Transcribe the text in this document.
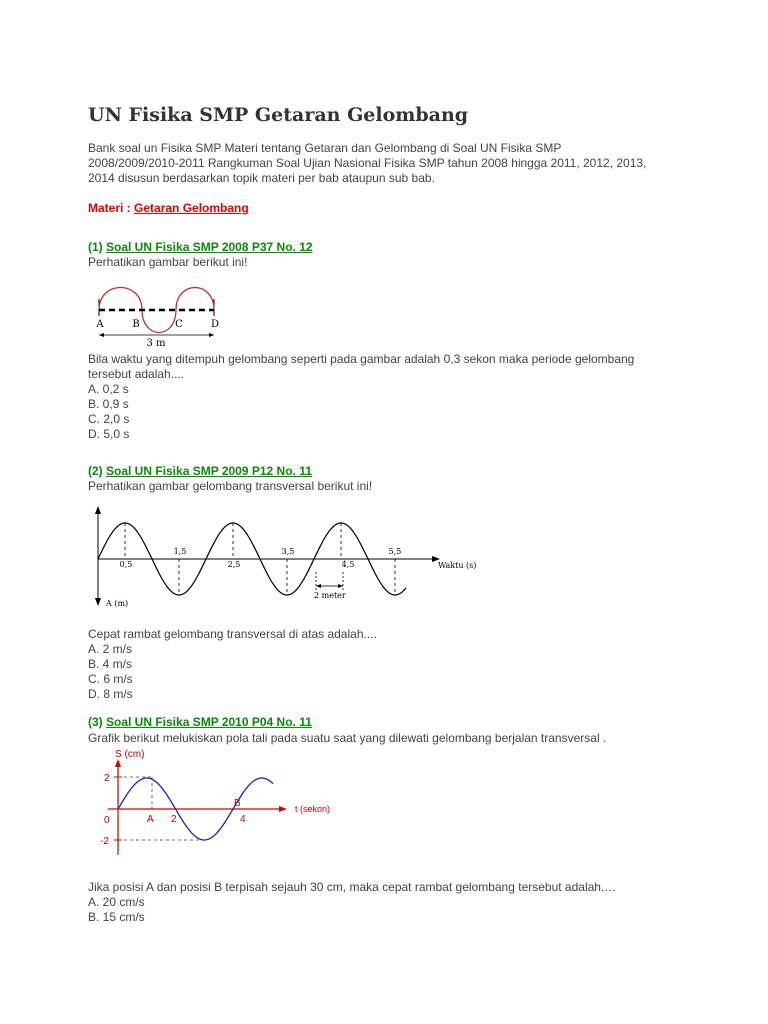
UN Fisika SMP Getaran Gelombang
Bank soal un Fisika SMP Materi tentang Getaran dan Gelombang di Soal UN Fisika SMP
2008/2009/2010-2011 Rangkuman Soal Ujian Nasional Fisika SMP tahun 2008 hingga 2011, 2012, 2013,
2014 disusun berdasarkan topik materi per bab ataupun sub bab.
Materi : Getaran Gelombang
(1) Soal UN Fisika SMP 2008 P37 No. 12
Perhatikan gambar berikut ini!
A	B	C	D
3 m
Bila waktu yang ditempuh gelombang seperti pada gambar adalah 0,3 sekon maka periode gelombang
tersebut adalah....
A. 0,2 s
B. 0,9 s
C. 2,0 s
D. 5,0 s
(2) Soal UN Fisika SMP 2009 P12 No. 11
Perhatikan gambar gelombang transversal berikut ini!
0,5	2,5	4,5
1,5	3,5	5,5
Waktu (s)
A (m)
2 meter
Cepat rambat gelombang transversal di atas adalah....
A. 2 m/s
B. 4 m/s
C. 6 m/s
D. 8 m/s
(3) Soal UN Fisika SMP 2010 P04 No. 11
Grafik berikut melukiskan pola tali pada suatu saat yang dilewati gelombang berjalan transversal .
2
0
-2
A 2	4
B	t (sekon)
S (cm)
Jika posisi A dan posisi B terpisah sejauh 30 cm, maka cepat rambat gelombang tersebut adalah.…
A. 20 cm/s
B. 15 cm/s
